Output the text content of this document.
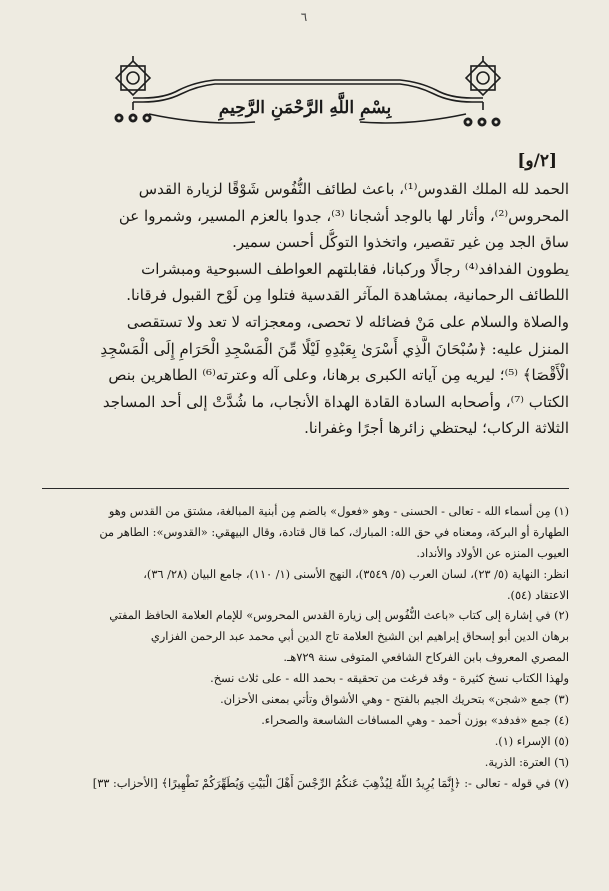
٦
بِسْمِ اللَّهِ الرَّحْمَنِ الرَّحِيمِ
[٢/و]
الحمد لله الملك القدوس⁽¹⁾، باعث لطائف النُّفُوس شَوْقًا لزيارة القدس
المحروس⁽²⁾، وأثار لها بالوجد أشجانا ⁽³⁾، جدوا بالعزم المسير، وشمروا عن
ساق الجد مِن غير تقصير، واتخذوا التوكُّل أحسن سمير.
يطوون الفدافد⁽⁴⁾ رجالًا وركبانا، فقابلتهم العواطف السبوحية ومبشرات
اللطائف الرحمانية، بمشاهدة المآثر القدسية فتلوا مِن لَوْح القبول فرقانا.
والصلاة والسلام على مَنْ فضائله لا تحصى، ومعجزاته لا تعد ولا تستقصى
المنزل عليه: ﴿سُبْحَانَ الَّذِي أَسْرَىٰ بِعَبْدِهِ لَيْلًا مِّنَ الْمَسْجِدِ الْحَرَامِ إِلَى الْمَسْجِدِ
الْأَقْصَا﴾ ⁽⁵⁾؛ ليريه مِن آياته الكبرى برهانا، وعلى آله وعترته⁽⁶⁾ الطاهرين بنص
الكتاب ⁽⁷⁾، وأصحابه السادة القادة الهداة الأنجاب، ما شُدَّتْ إلى أحد المساجد
الثلاثة الركاب؛ ليحتظي زائرها أجرًا وغفرانا.
(١) مِن أسماء الله - تعالى - الحسنى - وهو «فعول» بالضم مِن أبنية المبالغة، مشتق من القدس وهو
الطهارة أو البركة، ومعناه في حق الله: المبارك، كما قال قتادة، وقال البيهقي: «القدوس»: الطاهر من
العيوب المنزه عن الأولاد والأنداد.
انظر: النهاية (٥/ ٢٣)، لسان العرب (٥/ ٣٥٤٩)، النهج الأسنى (١/ ١١٠)، جامع البيان (٢٨/ ٣٦)،
الاعتقاد (٥٤).
(٢) في إشارة إلى كتاب «باعث النُّفُوس إلى زيارة القدس المحروس» للإمام العلامة الحافظ المفتي
برهان الدين أبو إسحاق إبراهيم ابن الشيخ العلامة تاج الدين أبي محمد عبد الرحمن الفزاري
المصري المعروف بابن الفركاح الشافعي المتوفى سنة ٧٢٩هـ.
ولهذا الكتاب نسخ كثيرة - وقد فرغت من تحقيقه - بحمد الله - على ثلاث نسخ.
(٣) جمع «شجن» بتحريك الجيم بالفتح - وهي الأشواق وتأتي بمعنى الأحزان.
(٤) جمع «فدفد» بوزن أحمد - وهي المسافات الشاسعة والصحراء.
(٥) الإسراء (١).
(٦) العترة: الذرية.
(٧) في قوله - تعالى -: ﴿إِنَّمَا يُرِيدُ اللَّهُ لِيُذْهِبَ عَنكُمُ الرِّجْسَ أَهْلَ الْبَيْتِ وَيُطَهِّرَكُمْ تَطْهِيرًا﴾ [الأحزاب: ٣٣]
